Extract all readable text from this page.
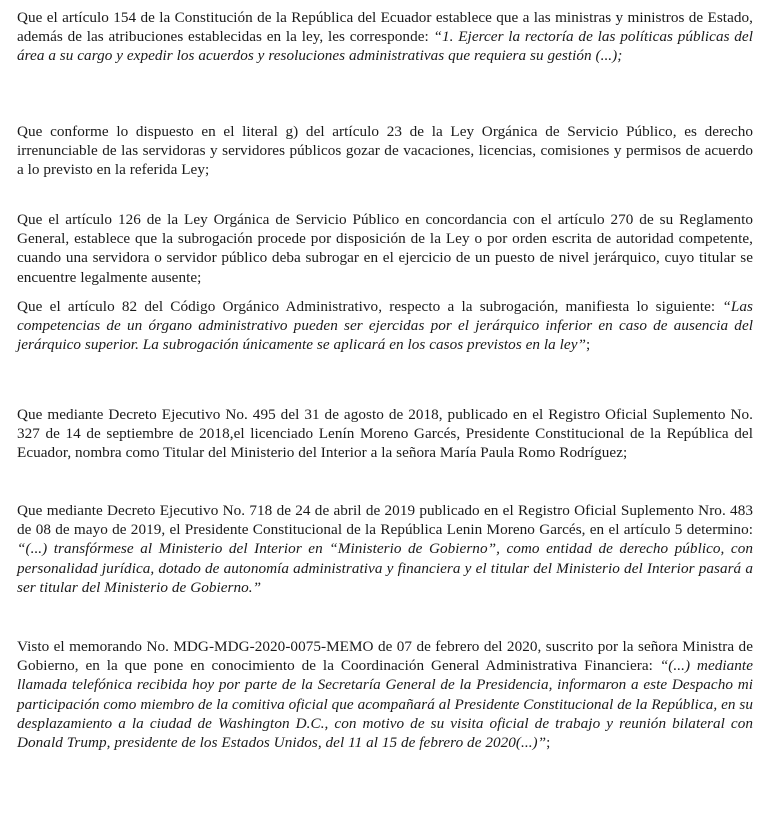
Que el artículo 154 de la Constitución de la República del Ecuador establece que a las ministras y ministros de Estado, además de las atribuciones establecidas en la ley, les corresponde: “1. Ejercer la rectoría de las políticas públicas del área a su cargo y expedir los acuerdos y resoluciones administrativas que requiera su gestión (...);

Que conforme lo dispuesto en el literal g) del artículo 23 de la Ley Orgánica de Servicio Público, es derecho irrenunciable de las servidoras y servidores públicos gozar de vacaciones, licencias, comisiones y permisos de acuerdo a lo previsto en la referida Ley;

Que el artículo 126 de la Ley Orgánica de Servicio Público en concordancia con el artículo 270 de su Reglamento General, establece que la subrogación procede por disposición de la Ley o por orden escrita de autoridad competente, cuando una servidora o servidor público deba subrogar en el ejercicio de un puesto de nivel jerárquico, cuyo titular se encuentre legalmente ausente;

Que el artículo 82 del Código Orgánico Administrativo, respecto a la subrogación, manifiesta lo siguiente: “Las competencias de un órgano administrativo pueden ser ejercidas por el jerárquico inferior en caso de ausencia del jerárquico superior. La subrogación únicamente se aplicará en los casos previstos en la ley”;

Que mediante Decreto Ejecutivo No. 495 del 31 de agosto de 2018, publicado en el Registro Oficial Suplemento No. 327 de 14 de septiembre de 2018,el licenciado Lenín Moreno Garcés, Presidente Constitucional de la República del Ecuador, nombra como Titular del Ministerio del Interior a la señora María Paula Romo Rodríguez;

Que mediante Decreto Ejecutivo No. 718 de 24 de abril de 2019 publicado en el Registro Oficial Suplemento Nro. 483 de 08 de mayo de 2019, el Presidente Constitucional de la República Lenin Moreno Garcés, en el artículo 5 determino: “(...) transfórmese al Ministerio del Interior en “Ministerio de Gobierno”, como entidad de derecho público, con personalidad jurídica, dotado de autonomía administrativa y financiera y el titular del Ministerio del Interior pasará a ser titular del Ministerio de Gobierno.”

Visto el memorando No. MDG-MDG-2020-0075-MEMO de 07 de febrero del 2020, suscrito por la señora Ministra de Gobierno, en la que pone en conocimiento de la Coordinación General Administrativa Financiera: “(...) mediante llamada telefónica recibida hoy por parte de la Secretaría General de la Presidencia, informaron a este Despacho mi participación como miembro de la comitiva oficial que acompañará al Presidente Constitucional de la República, en su desplazamiento a la ciudad de Washington D.C., con motivo de su visita oficial de trabajo y reunión bilateral con Donald Trump, presidente de los Estados Unidos, del 11 al 15 de febrero de 2020(...)”;
